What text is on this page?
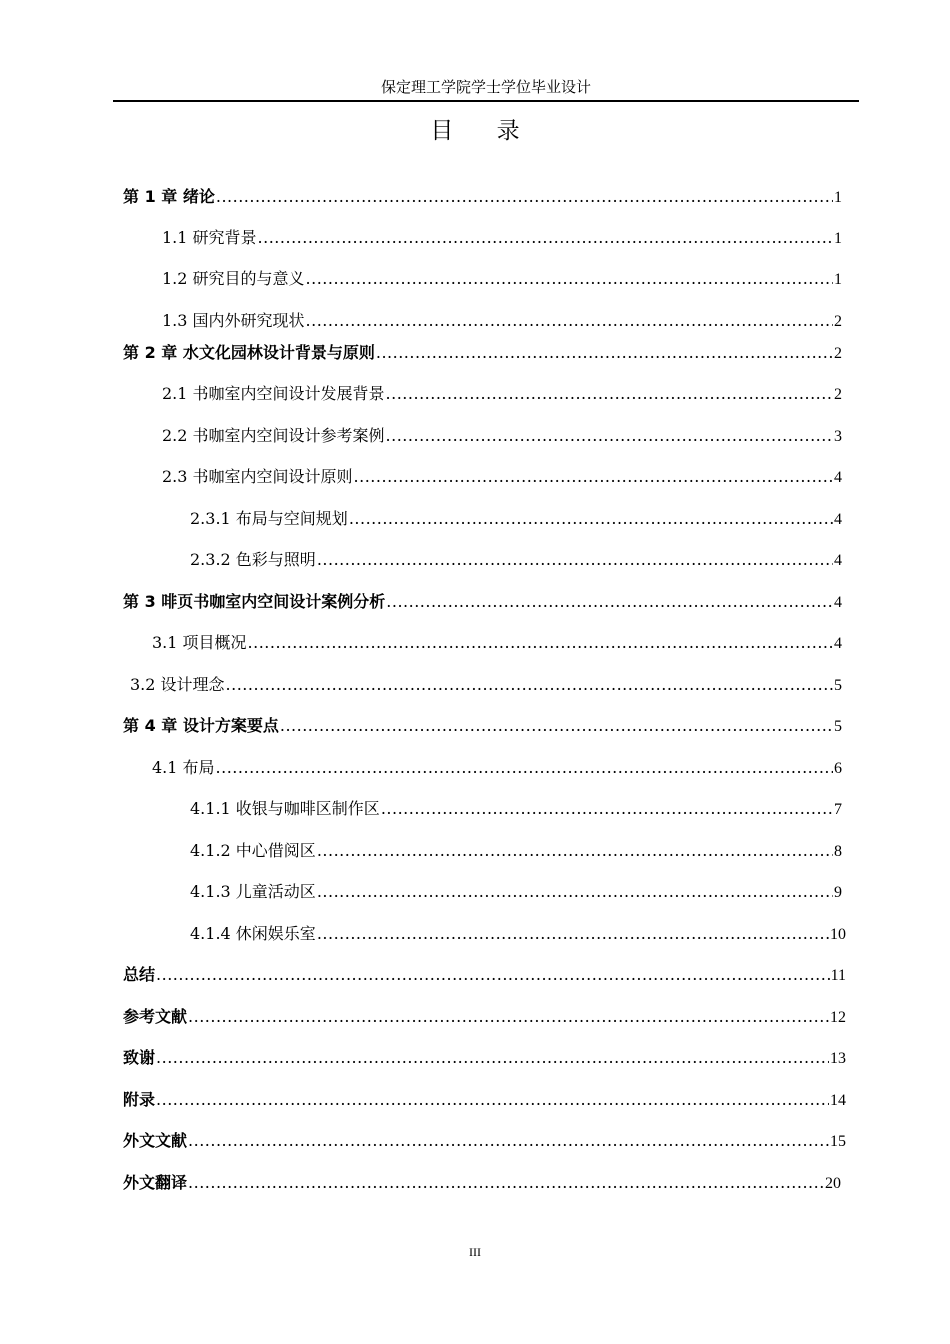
保定理工学院学士学位毕业设计
目 录
第 1 章 绪论 .....	1
1.1 研究背景 .....	1
1.2 研究目的与意义 .....	1
1.3 国内外研究现状 .....	2
第 2 章 水文化园林设计背景与原则 .....	2
2.1 书咖室内空间设计发展背景 .....	2
2.2 书咖室内空间设计参考案例 .....	3
2.3 书咖室内空间设计原则 .....	4
2.3.1 布局与空间规划 .....	4
2.3.2 色彩与照明 .....	4
第 3 啡页书咖室内空间设计案例分析 .....	4
3.1 项目概况 .....	4
3.2 设计理念 .....	5
第 4 章 设计方案要点 .....	5
4.1 布局 .....	6
4.1.1 收银与咖啡区制作区 .....	7
4.1.2 中心借阅区 .....	8
4.1.3 儿童活动区 .....	9
4.1.4 休闲娱乐室 .....	10
总结 .....	11
参考文献 .....	12
致谢 .....	13
附录 .....	14
外文文献 .....	15
外文翻译 .....	20
III
